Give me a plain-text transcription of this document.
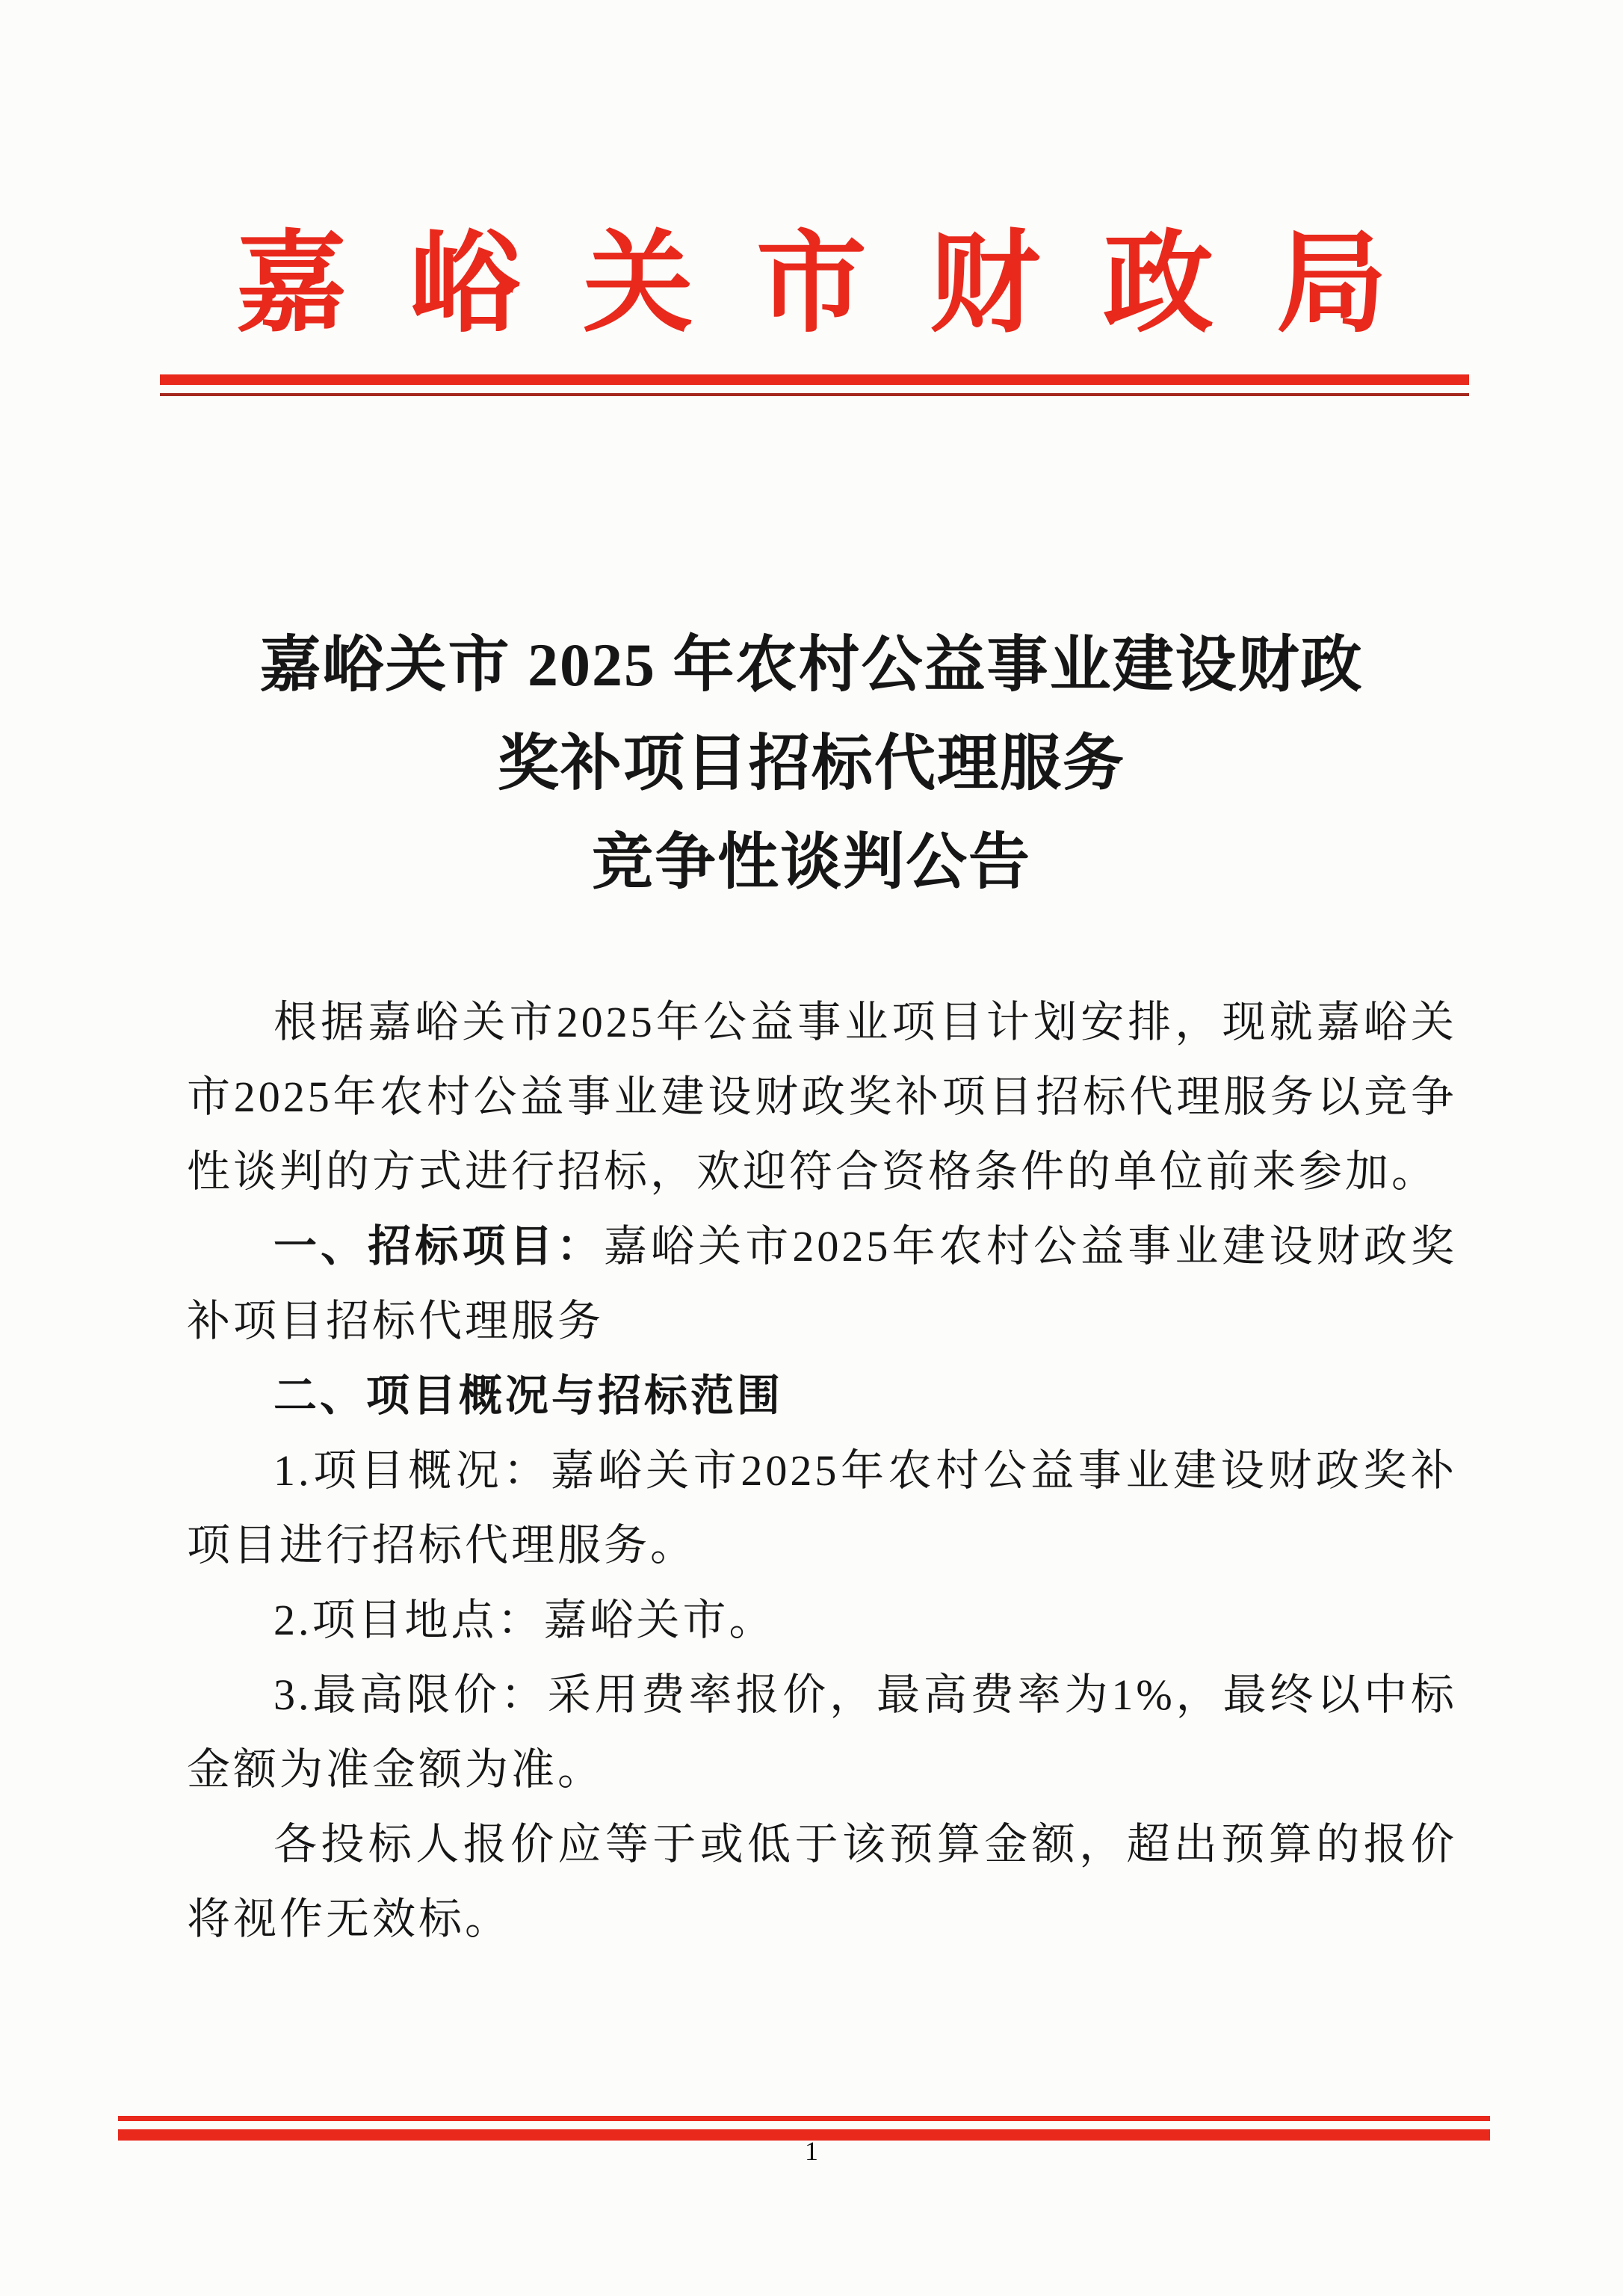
嘉峪关市财政局
嘉峪关市 2025 年农村公益事业建设财政
奖补项目招标代理服务
竞争性谈判公告

根据嘉峪关市2025年公益事业项目计划安排，现就嘉峪关市2025年农村公益事业建设财政奖补项目招标代理服务以竞争性谈判的方式进行招标，欢迎符合资格条件的单位前来参加。

一、招标项目：嘉峪关市2025年农村公益事业建设财政奖补项目招标代理服务

二、项目概况与招标范围

1.项目概况：嘉峪关市2025年农村公益事业建设财政奖补项目进行招标代理服务。

2.项目地点：嘉峪关市。

3.最高限价：采用费率报价，最高费率为1%，最终以中标金额为准金额为准。

各投标人报价应等于或低于该预算金额，超出预算的报价将视作无效标。

1
